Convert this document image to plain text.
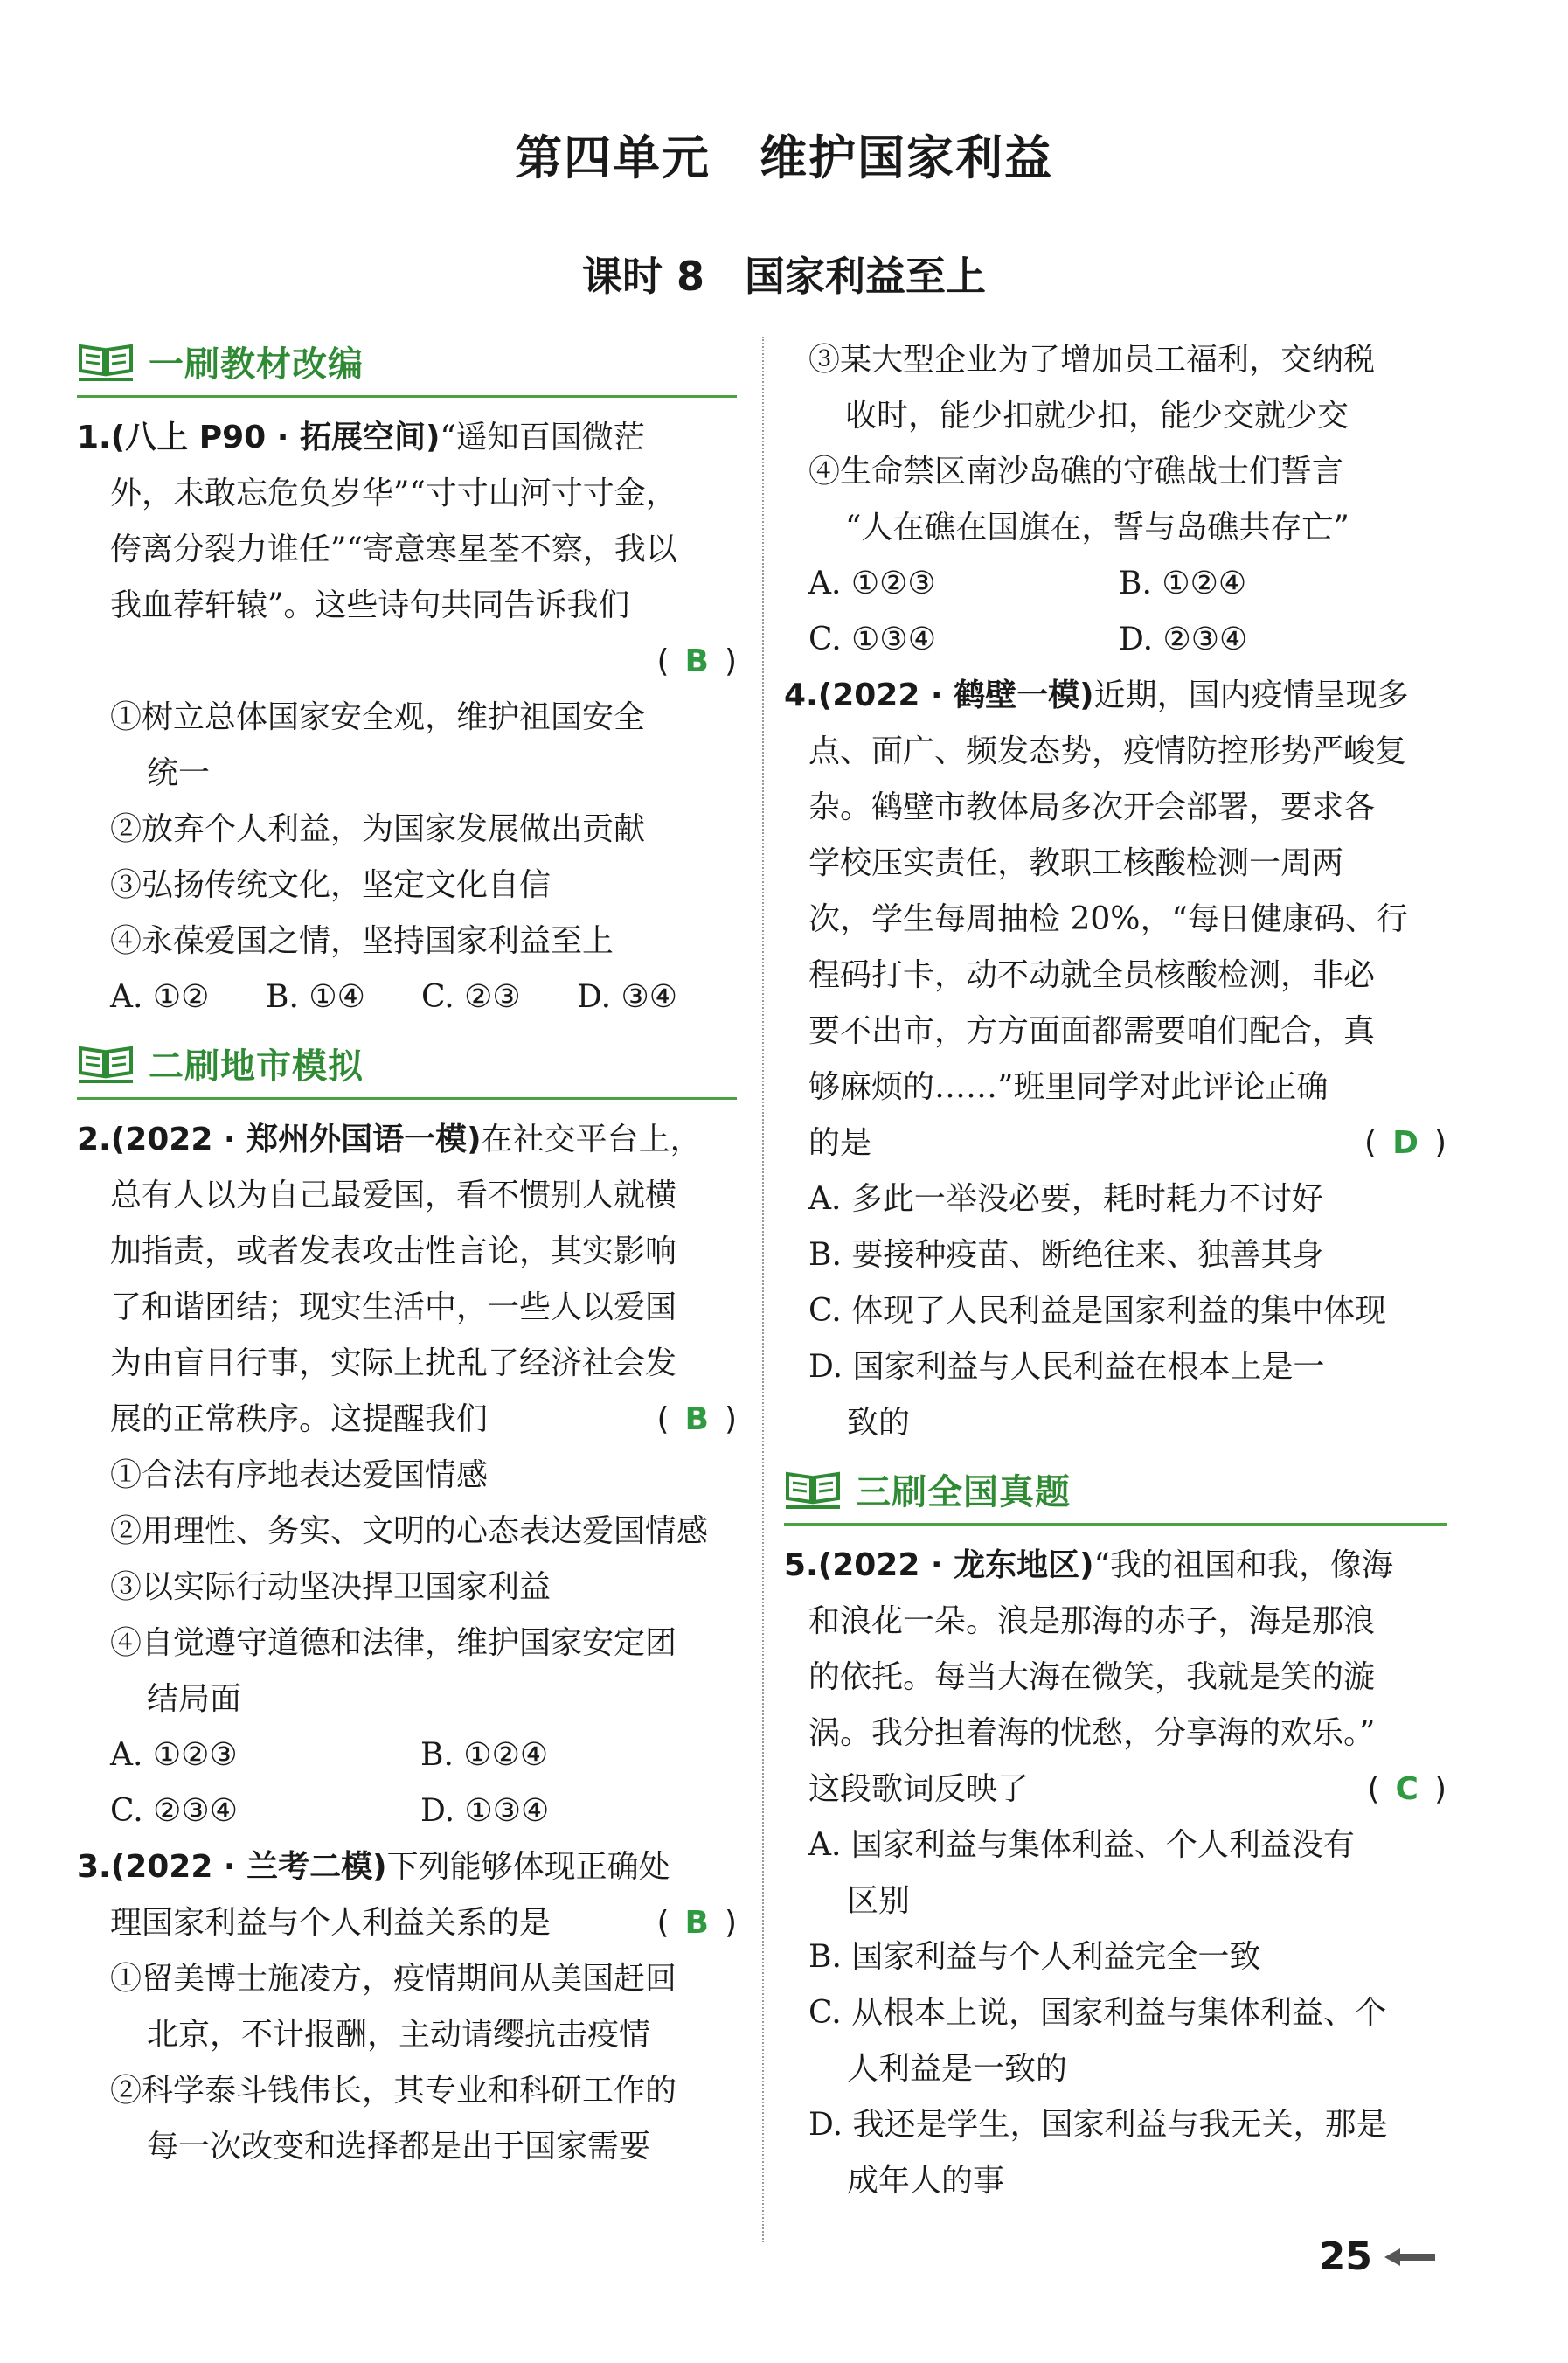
第四单元　维护国家利益
课时 8　国家利益至上
一刷教材改编
1.(八上 P90 · 拓展空间)“遥知百国微茫
外，未敢忘危负岁华”“寸寸山河寸寸金，
侉离分裂力谁任”“寄意寒星荃不察，我以
我血荐轩辕”。这些诗句共同告诉我们
( B )
①树立总体国家安全观，维护祖国安全
统一
②放弃个人利益，为国家发展做出贡献
③弘扬传统文化，坚定文化自信
④永葆爱国之情，坚持国家利益至上
A. ①②	B. ①④	C. ②③	D. ③④
二刷地市模拟
2.(2022 · 郑州外国语一模)在社交平台上，
总有人以为自己最爱国，看不惯别人就横
加指责，或者发表攻击性言论，其实影响
了和谐团结；现实生活中，一些人以爱国
为由盲目行事，实际上扰乱了经济社会发
展的正常秩序。这提醒我们	( B )
①合法有序地表达爱国情感
②用理性、务实、文明的心态表达爱国情感
③以实际行动坚决捍卫国家利益
④自觉遵守道德和法律，维护国家安定团
结局面
A. ①②③	B. ①②④
C. ②③④	D. ①③④
3.(2022 · 兰考二模)下列能够体现正确处
理国家利益与个人利益关系的是	( B )
①留美博士施凌方，疫情期间从美国赶回
北京，不计报酬，主动请缨抗击疫情
②科学泰斗钱伟长，其专业和科研工作的
每一次改变和选择都是出于国家需要
③某大型企业为了增加员工福利，交纳税
收时，能少扣就少扣，能少交就少交
④生命禁区南沙岛礁的守礁战士们誓言
“人在礁在国旗在，誓与岛礁共存亡”
A. ①②③	B. ①②④
C. ①③④	D. ②③④
4.(2022 · 鹤壁一模)近期，国内疫情呈现多
点、面广、频发态势，疫情防控形势严峻复
杂。鹤壁市教体局多次开会部署，要求各
学校压实责任，教职工核酸检测一周两
次，学生每周抽检 20%，“每日健康码、行
程码打卡，动不动就全员核酸检测，非必
要不出市，方方面面都需要咱们配合，真
够麻烦的……”班里同学对此评论正确
的是	( D )
A. 多此一举没必要，耗时耗力不讨好
B. 要接种疫苗、断绝往来、独善其身
C. 体现了人民利益是国家利益的集中体现
D. 国家利益与人民利益在根本上是一
致的
三刷全国真题
5.(2022 · 龙东地区)“我的祖国和我，像海
和浪花一朵。浪是那海的赤子，海是那浪
的依托。每当大海在微笑，我就是笑的漩
涡。我分担着海的忧愁，分享海的欢乐。”
这段歌词反映了	( C )
A. 国家利益与集体利益、个人利益没有
区别
B. 国家利益与个人利益完全一致
C. 从根本上说，国家利益与集体利益、个
人利益是一致的
D. 我还是学生，国家利益与我无关，那是
成年人的事
25
